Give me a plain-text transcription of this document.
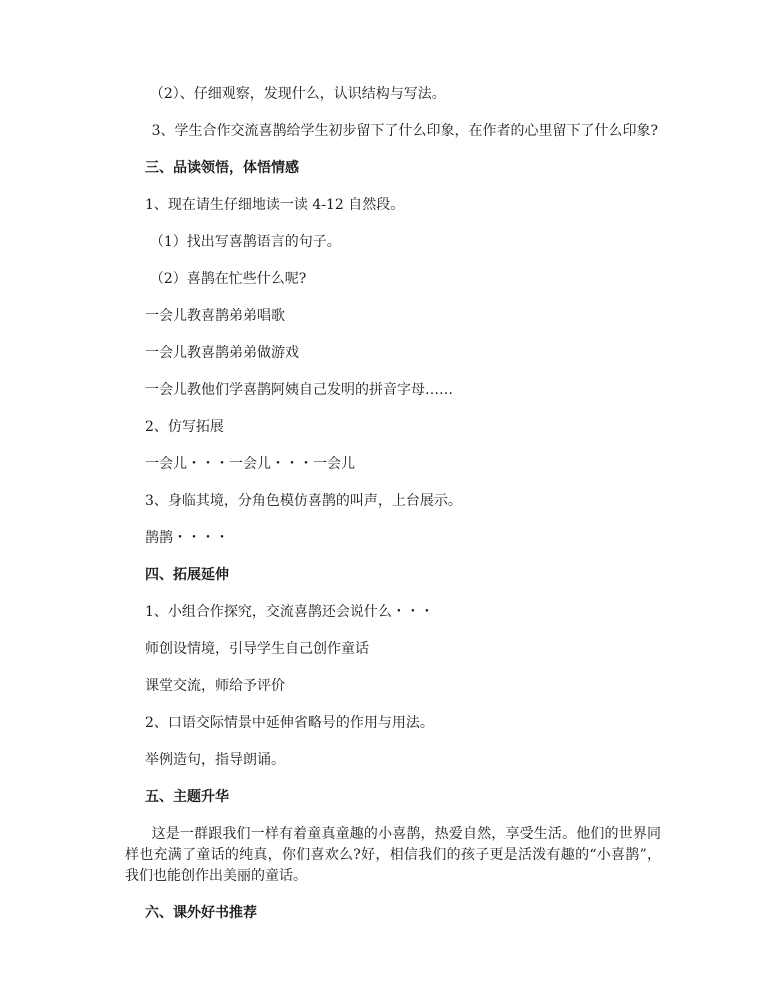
（2）、仔细观察，发现什么，认识结构与写法。

3、学生合作交流喜鹊给学生初步留下了什么印象，在作者的心里留下了什么印象?

三、品读领悟，体悟情感

1、现在请生仔细地读一读 4-12 自然段。

（1）找出写喜鹊语言的句子。

（2）喜鹊在忙些什么呢?

一会儿教喜鹊弟弟唱歌

一会儿教喜鹊弟弟做游戏

一会儿教他们学喜鹊阿姨自己发明的拼音字母……

2、仿写拓展

一会儿・・・一会儿・・・一会儿

3、身临其境，分角色模仿喜鹊的叫声，上台展示。

鹊鹊・・・・

四、拓展延伸

1、小组合作探究，交流喜鹊还会说什么・・・

师创设情境，引导学生自己创作童话

课堂交流，师给予评价

2、口语交际情景中延伸省略号的作用与用法。

举例造句，指导朗诵。

五、主题升华

这是一群跟我们一样有着童真童趣的小喜鹊，热爱自然，享受生活。他们的世界同样也充满了童话的纯真，你们喜欢么?好，相信我们的孩子更是活泼有趣的“小喜鹊”，我们也能创作出美丽的童话。

六、课外好书推荐
